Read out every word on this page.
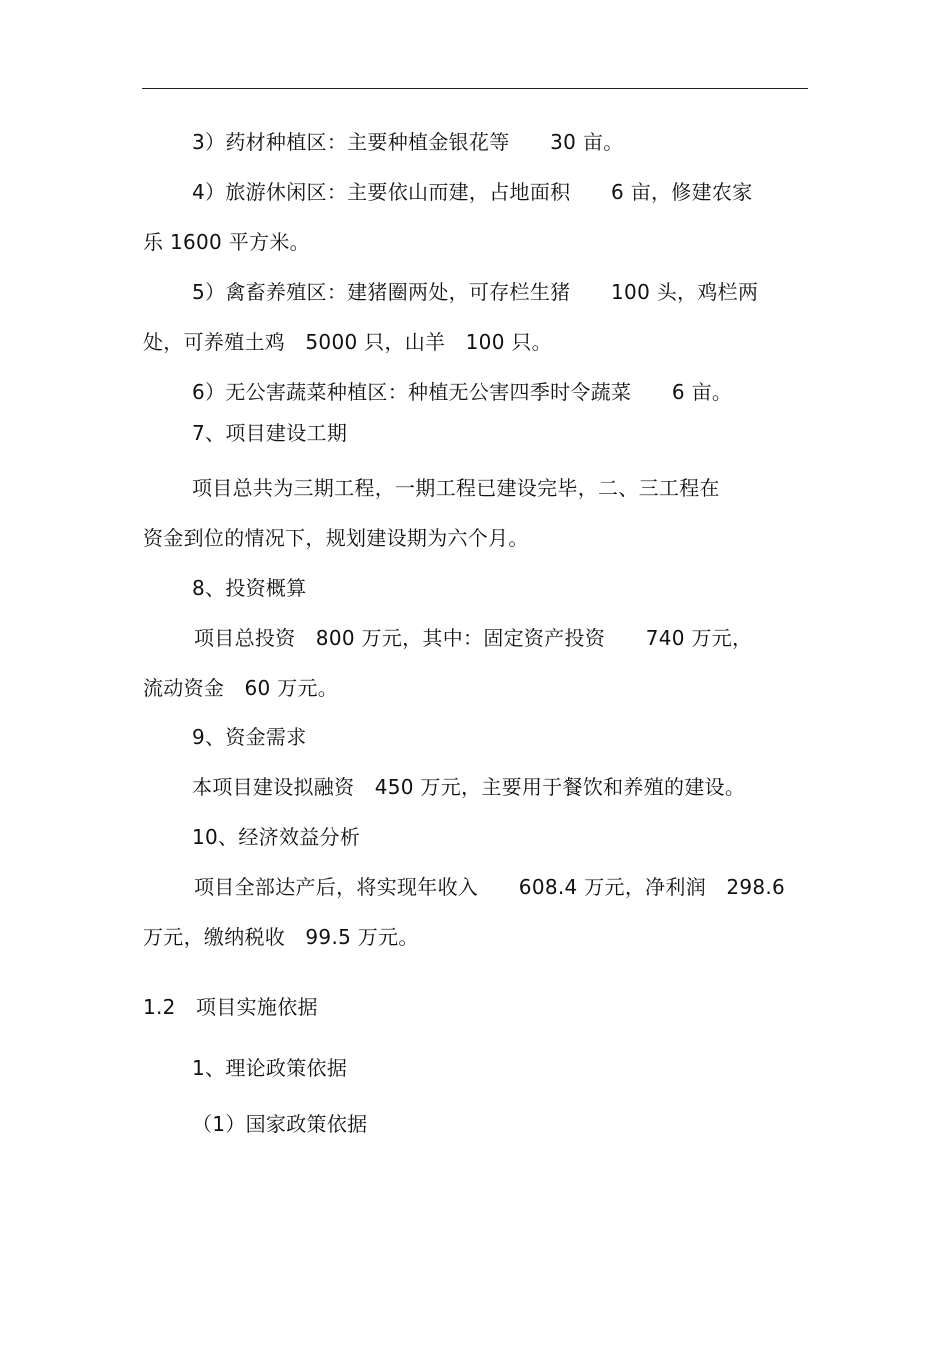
3）药材种植区：主要种植金银花等　　30 亩。

4）旅游休闲区：主要依山而建，占地面积　　6 亩，修建农家

乐 1600 平方米。

5）禽畜养殖区：建猪圈两处，可存栏生猪　　100 头，鸡栏两

处，可养殖土鸡　5000 只，山羊　100 只。

6）无公害蔬菜种植区：种植无公害四季时令蔬菜　　6 亩。

7、项目建设工期

项目总共为三期工程，一期工程已建设完毕，二、三工程在

资金到位的情况下，规划建设期为六个月。

8、投资概算

项目总投资　800 万元，其中：固定资产投资　　740 万元，

流动资金　60 万元。

9、资金需求

本项目建设拟融资　450 万元，主要用于餐饮和养殖的建设。

10、经济效益分析

项目全部达产后，将实现年收入　　608.4 万元，净利润　298.6

万元，缴纳税收　99.5 万元。

1.2　项目实施依据

1、理论政策依据

（1）国家政策依据
